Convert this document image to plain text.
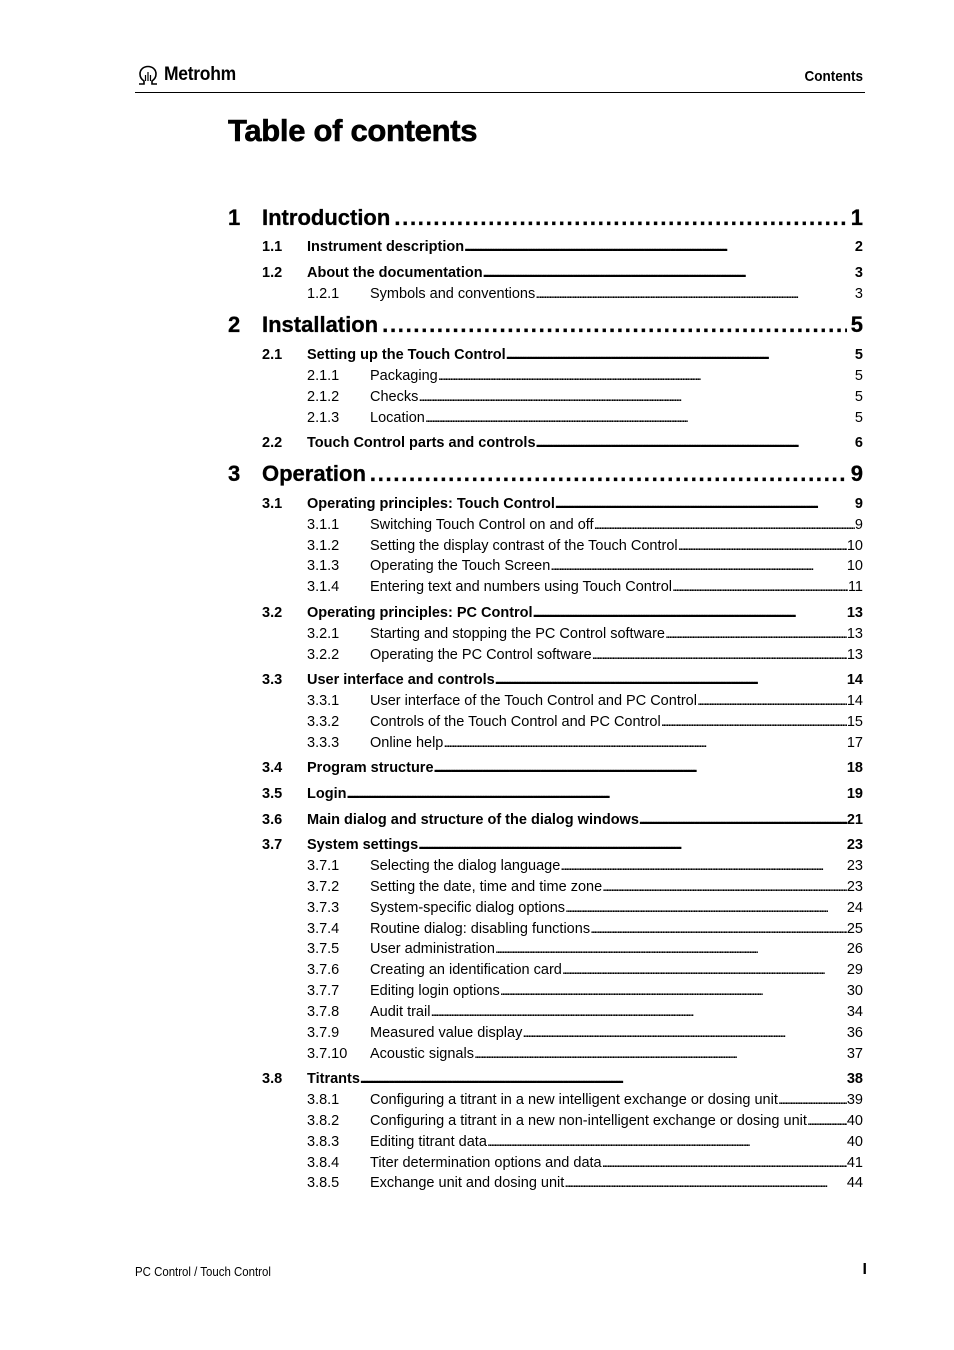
Metrohm	Contents
Table of contents
1 Introduction . . .	1
1.1	Instrument description . . .	2
1.2	About the documentation . . .	3
1.2.1	Symbols and conventions . . .	3
2 Installation . . .	5
2.1	Setting up the Touch Control . . .	5
2.1.1	Packaging . . .	5
2.1.2	Checks . . .	5
2.1.3	Location . . .	5
2.2	Touch Control parts and controls . . .	6
3 Operation . . .	9
3.1	Operating principles: Touch Control . . .	9
3.1.1	Switching Touch Control on and off . . .	9
3.1.2	Setting the display contrast of the Touch Control . . .	10
3.1.3	Operating the Touch Screen . . .	10
3.1.4	Entering text and numbers using Touch Control . . .	11
3.2	Operating principles: PC Control . . .	13
3.2.1	Starting and stopping the PC Control software . . .	13
3.2.2	Operating the PC Control software . . .	13
3.3	User interface and controls . . .	14
3.3.1	User interface of the Touch Control and PC Control . . .	14
3.3.2	Controls of the Touch Control and PC Control . . .	15
3.3.3	Online help . . .	17
3.4	Program structure . . .	18
3.5	Login . . .	19
3.6	Main dialog and structure of the dialog windows . . .	21
3.7	System settings . . .	23
3.7.1	Selecting the dialog language . . .	23
3.7.2	Setting the date, time and time zone . . .	23
3.7.3	System-specific dialog options . . .	24
3.7.4	Routine dialog: disabling functions . . .	25
3.7.5	User administration . . .	26
3.7.6	Creating an identification card . . .	29
3.7.7	Editing login options . . .	30
3.7.8	Audit trail . . .	34
3.7.9	Measured value display . . .	36
3.7.10	Acoustic signals . . .	37
3.8	Titrants . . .	38
3.8.1	Configuring a titrant in a new intelligent exchange or dosing unit . . .	39
3.8.2	Configuring a titrant in a new non-intelligent exchange or dosing unit . . .	40
3.8.3	Editing titrant data . . .	40
3.8.4	Titer determination options and data . . .	41
3.8.5	Exchange unit and dosing unit . . .	44
PC Control / Touch Control	I
